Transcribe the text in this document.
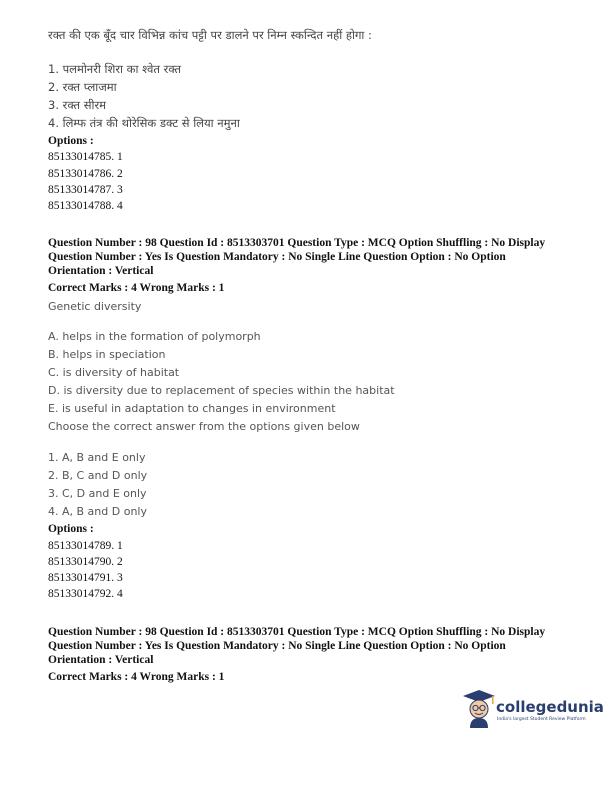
रक्त की एक बूँद चार विभिन्न कांच पट्टी पर डालने पर निम्न स्कन्दित नहीं होगा :
1. पलमोनरी शिरा का श्वेत रक्त
2. रक्त प्लाजमा
3. रक्त सीरम
4. लिम्फ तंत्र की थोरेसिक डक्ट से लिया नमुना
Options :
85133014785. 1
85133014786. 2
85133014787. 3
85133014788. 4
Question Number : 98 Question Id : 8513303701 Question Type : MCQ Option Shuffling : No Display
Question Number : Yes Is Question Mandatory : No Single Line Question Option : No Option
Orientation : Vertical
Correct Marks : 4 Wrong Marks : 1
Genetic diversity
A. helps in the formation of polymorph
B. helps in speciation
C. is diversity of habitat
D. is diversity due to replacement of species within the habitat
E. is useful in adaptation to changes in environment
Choose the correct answer from the options given below
1. A, B and E only
2. B, C and D only
3. C, D and E only
4. A, B and D only
Options :
85133014789. 1
85133014790. 2
85133014791. 3
85133014792. 4
Question Number : 98 Question Id : 8513303701 Question Type : MCQ Option Shuffling : No Display
Question Number : Yes Is Question Mandatory : No Single Line Question Option : No Option
Orientation : Vertical
Correct Marks : 4 Wrong Marks : 1
collegedunia
India's largest Student Review Platform
